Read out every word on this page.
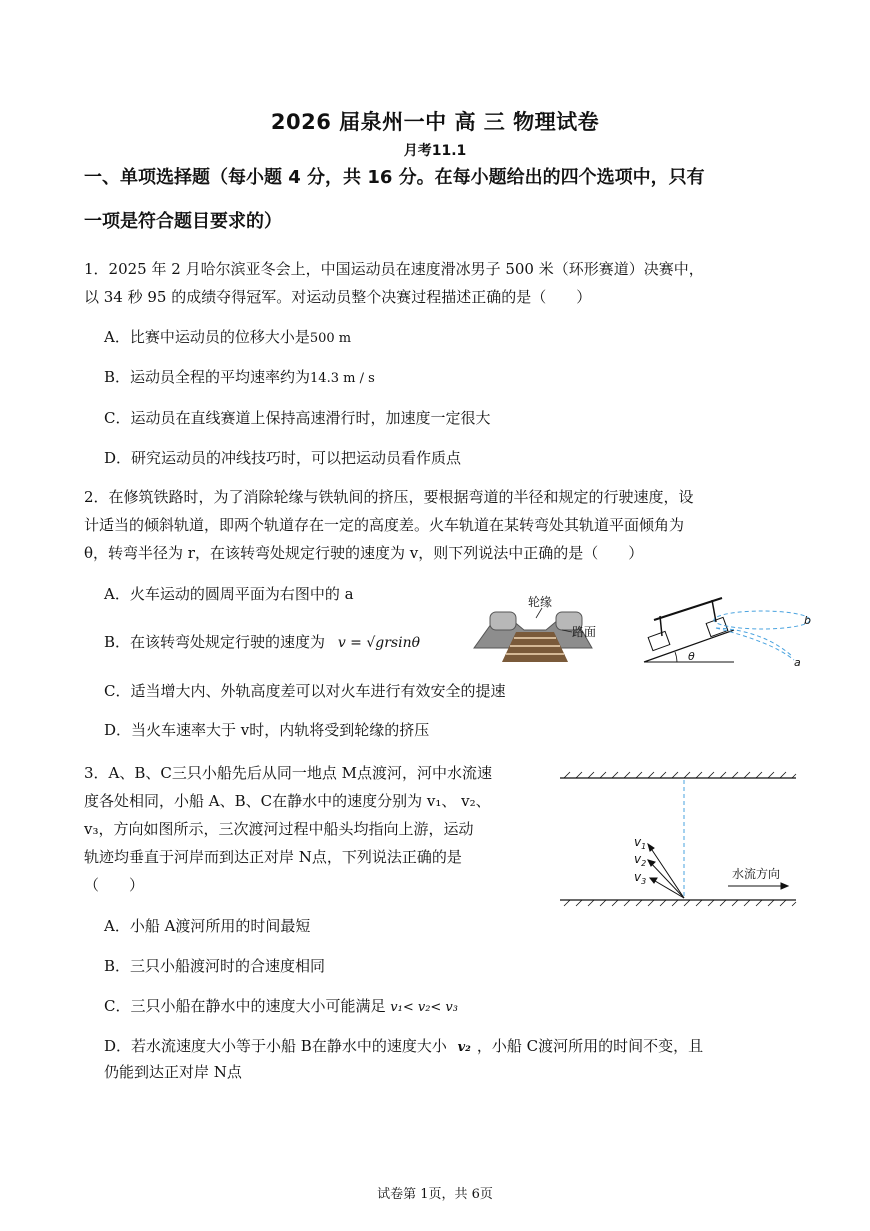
2026 届泉州一中 高 三 物理试卷
月考11.1
一、单项选择题（每小题 4 分，共 16 分。在每小题给出的四个选项中，只有
一项是符合题目要求的）
1．2025 年 2 月哈尔滨亚冬会上，中国运动员在速度滑冰男子 500 米（环形赛道）决赛中，
以 34 秒 95 的成绩夺得冠军。对运动员整个决赛过程描述正确的是（　　）
A．比赛中运动员的位移大小是500 m
B．运动员全程的平均速率约为14.3 m / s
C．运动员在直线赛道上保持高速滑行时，加速度一定很大
D．研究运动员的冲线技巧时，可以把运动员看作质点
2．在修筑铁路时，为了消除轮缘与铁轨间的挤压，要根据弯道的半径和规定的行驶速度，设
计适当的倾斜轨道，即两个轨道存在一定的高度差。火车轨道在某转弯处其轨道平面倾角为
θ，转弯半径为 r，在该转弯处规定行驶的速度为 v，则下列说法中正确的是（　　）
A．火车运动的圆周平面为右图中的 a
B．在该转弯处规定行驶的速度为 v = √grsinθ
C．适当增大内、外轨高度差可以对火车进行有效安全的提速
D．当火车速率大于 v时，内轨将受到轮缘的挤压
轮缘
路面
b
a
θ
3．A、B、C三只小船先后从同一地点 M点渡河，河中水流速
度各处相同，小船 A、B、C在静水中的速度分别为 v₁、 v₂、
v₃，方向如图所示，三次渡河过程中船头均指向上游，运动
轨迹均垂直于河岸而到达正对岸 N点，下列说法正确的是
（　　）
$v_1$
$v_2$
$v_3$
水流方向
A．小船 A渡河所用的时间最短
B．三只小船渡河时的合速度相同
C．三只小船在静水中的速度大小可能满足 v₁< v₂< v₃
D．若水流速度大小等于小船 B在静水中的速度大小 v₂ ，小船 C渡河所用的时间不变，且
仍能到达正对岸 N点
试卷第 1页，共 6页
